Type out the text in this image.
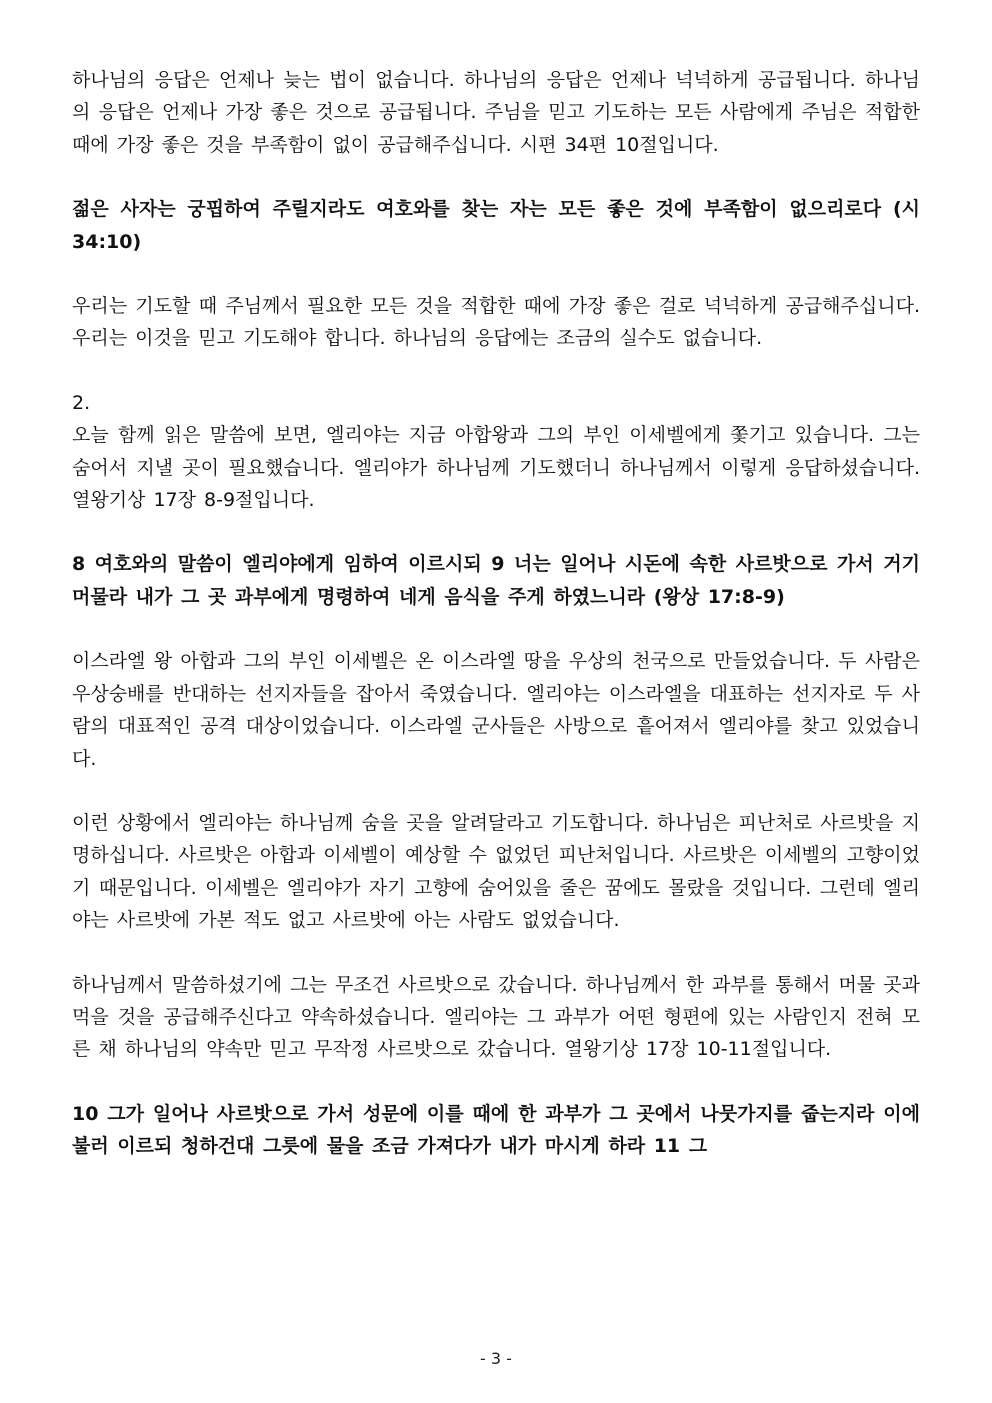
하나님의 응답은 언제나 늦는 법이 없습니다. 하나님의 응답은 언제나 넉넉하게 공급됩니다. 하나님의 응답은 언제나 가장 좋은 것으로 공급됩니다. 주님을 믿고 기도하는 모든 사람에게 주님은 적합한 때에 가장 좋은 것을 부족함이 없이 공급해주십니다. 시편 34편 10절입니다.

젊은 사자는 궁핍하여 주릴지라도 여호와를 찾는 자는 모든 좋은 것에 부족함이 없으리로다 (시 34:10)

우리는 기도할 때 주님께서 필요한 모든 것을 적합한 때에 가장 좋은 걸로 넉넉하게 공급해주십니다. 우리는 이것을 믿고 기도해야 합니다. 하나님의 응답에는 조금의 실수도 없습니다.

2.

오늘 함께 읽은 말씀에 보면, 엘리야는 지금 아합왕과 그의 부인 이세벨에게 쫓기고 있습니다. 그는 숨어서 지낼 곳이 필요했습니다. 엘리야가 하나님께 기도했더니 하나님께서 이렇게 응답하셨습니다. 열왕기상 17장 8-9절입니다.

8 여호와의 말씀이 엘리야에게 임하여 이르시되 9 너는 일어나 시돈에 속한 사르밧으로 가서 거기 머물라 내가 그 곳 과부에게 명령하여 네게 음식을 주게 하였느니라 (왕상 17:8-9)

이스라엘 왕 아합과 그의 부인 이세벨은 온 이스라엘 땅을 우상의 천국으로 만들었습니다. 두 사람은 우상숭배를 반대하는 선지자들을 잡아서 죽였습니다. 엘리야는 이스라엘을 대표하는 선지자로 두 사람의 대표적인 공격 대상이었습니다. 이스라엘 군사들은 사방으로 흩어져서 엘리야를 찾고 있었습니다.

이런 상황에서 엘리야는 하나님께 숨을 곳을 알려달라고 기도합니다. 하나님은 피난처로 사르밧을 지명하십니다. 사르밧은 아합과 이세벨이 예상할 수 없었던 피난처입니다. 사르밧은 이세벨의 고향이었기 때문입니다. 이세벨은 엘리야가 자기 고향에 숨어있을 줄은 꿈에도 몰랐을 것입니다. 그런데 엘리야는 사르밧에 가본 적도 없고 사르밧에 아는 사람도 없었습니다.

하나님께서 말씀하셨기에 그는 무조건 사르밧으로 갔습니다. 하나님께서 한 과부를 통해서 머물 곳과 먹을 것을 공급해주신다고 약속하셨습니다. 엘리야는 그 과부가 어떤 형편에 있는 사람인지 전혀 모른 채 하나님의 약속만 믿고 무작정 사르밧으로 갔습니다. 열왕기상 17장 10-11절입니다.

10 그가 일어나 사르밧으로 가서 성문에 이를 때에 한 과부가 그 곳에서 나뭇가지를 줍는지라 이에 불러 이르되 청하건대 그릇에 물을 조금 가져다가 내가 마시게 하라 11 그

- 3 -
